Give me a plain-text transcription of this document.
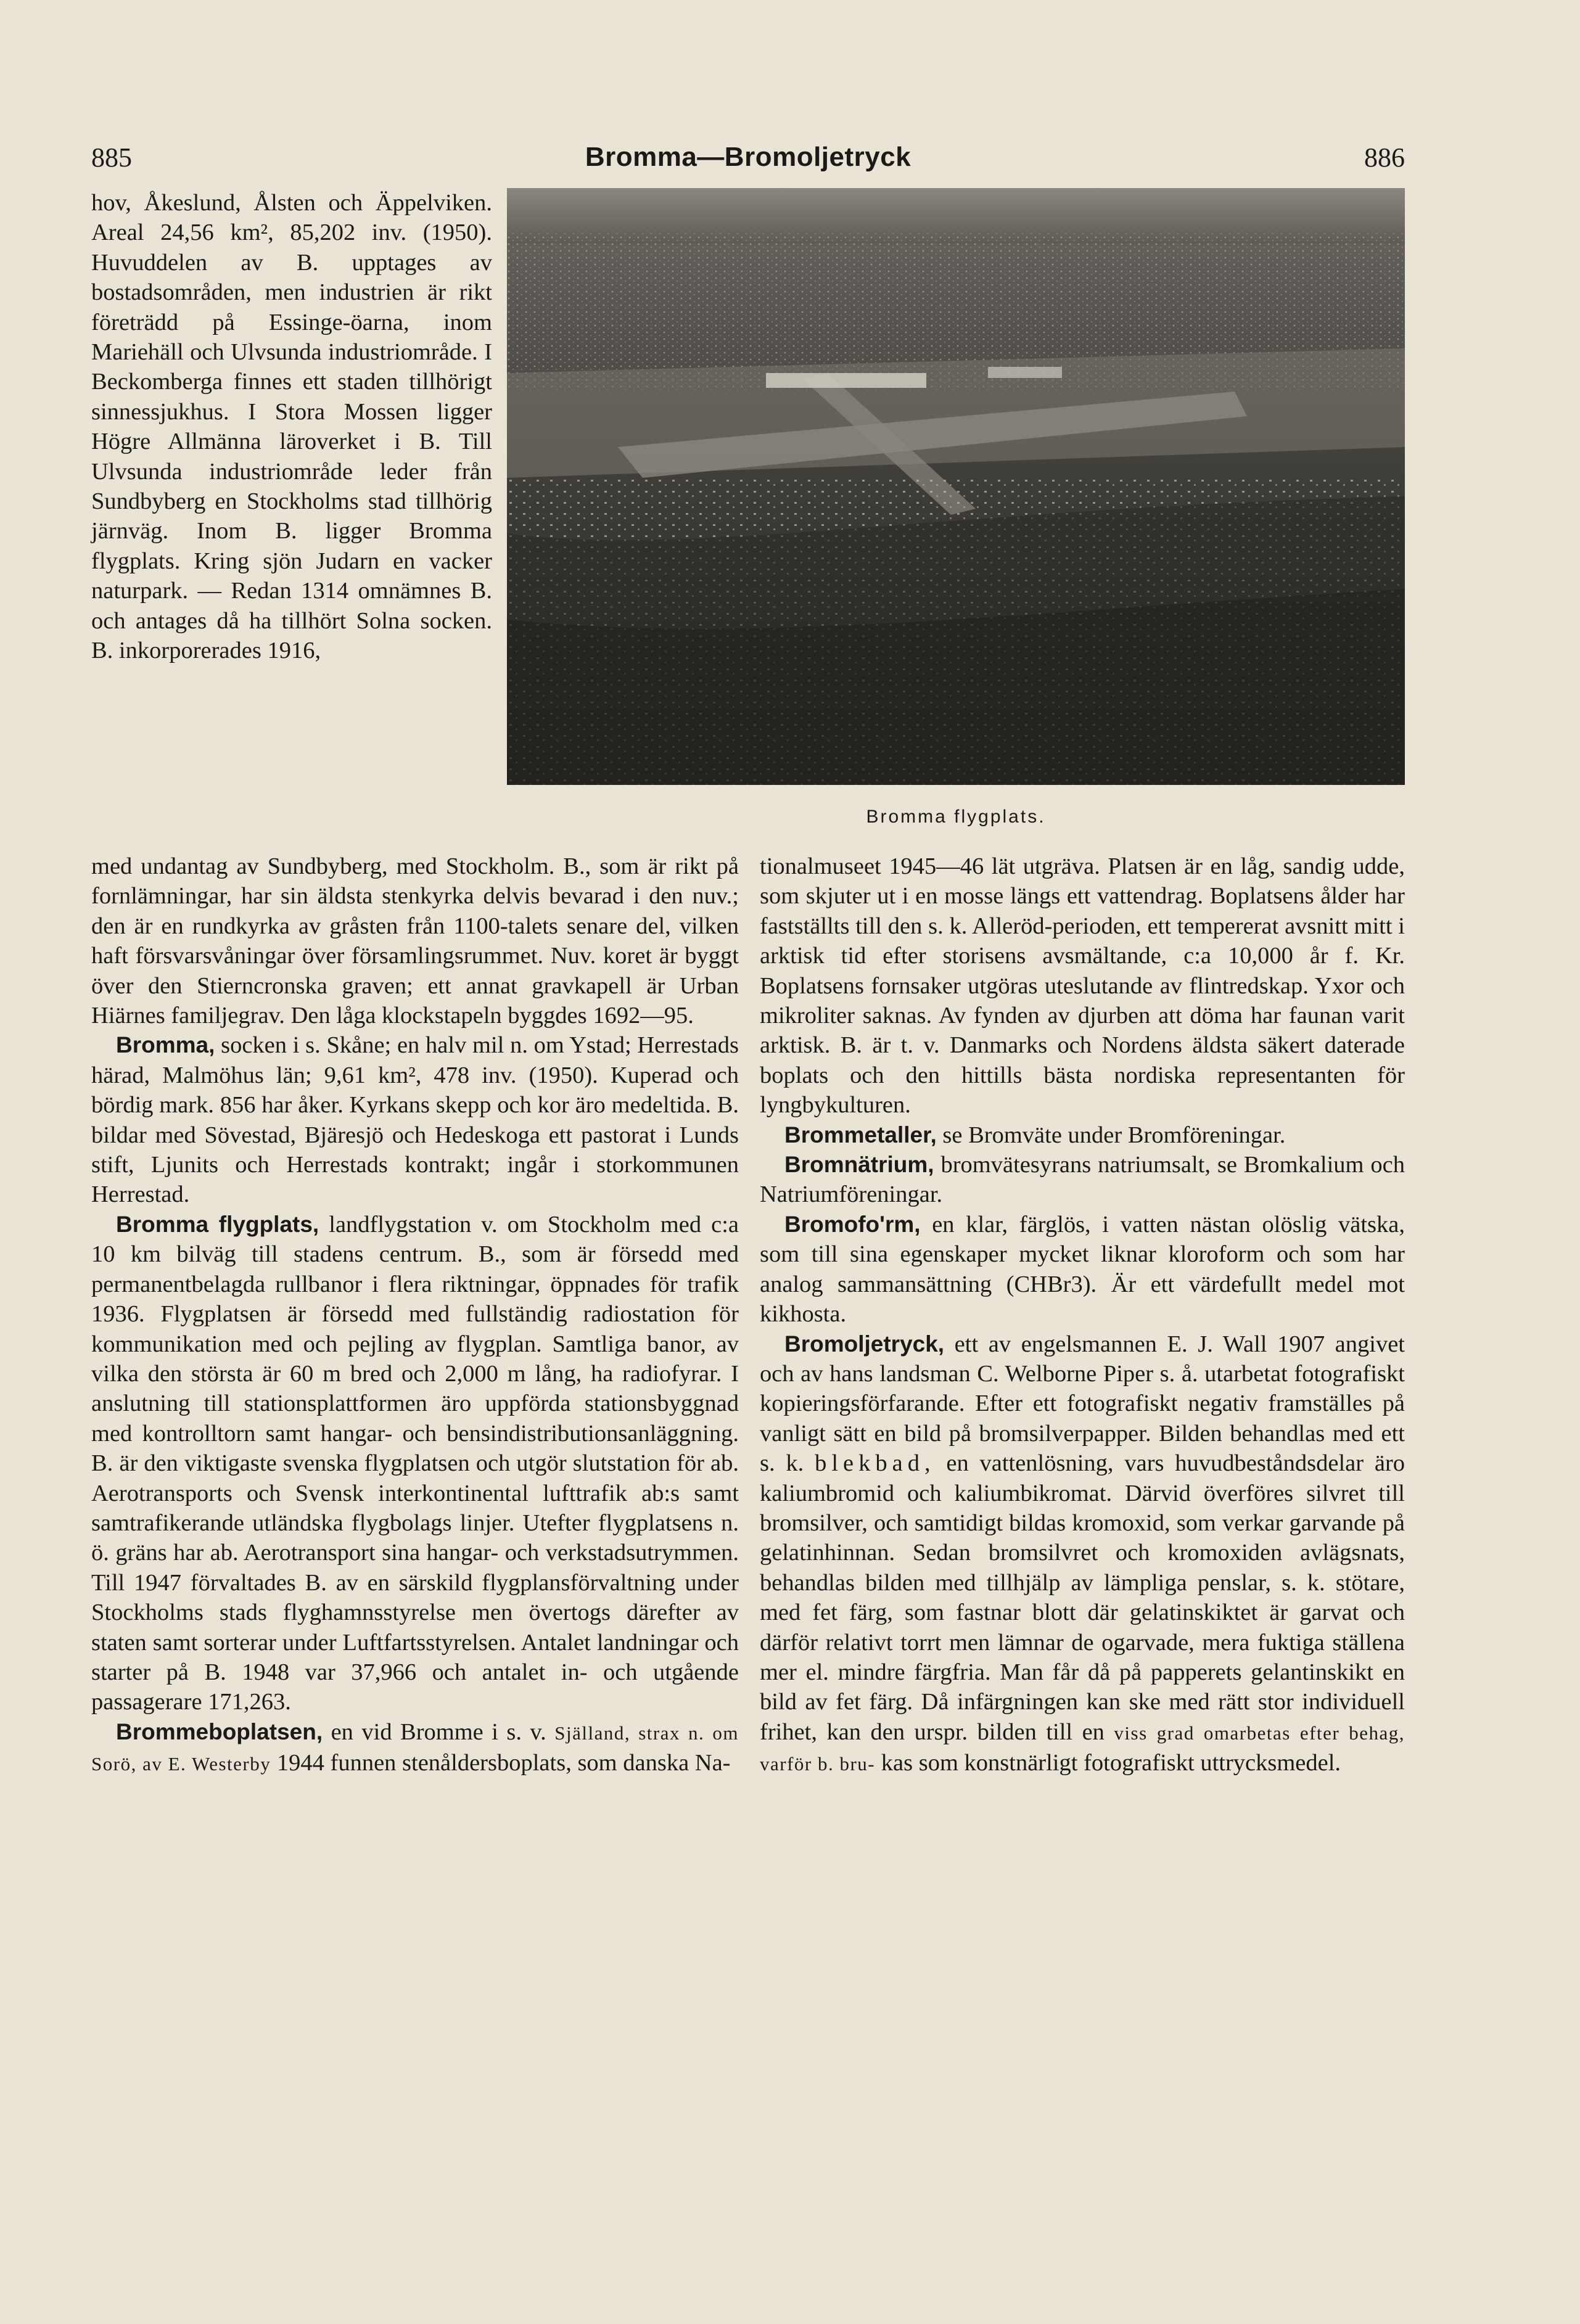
885	Bromma—Bromoljetryck	886

hov, Åkeslund, Ålsten och Äppelviken. Areal 24,56 km², 85,202 inv. (1950). Huvuddelen av B. upptages av bostadsområden, men industrien är rikt företrädd på Essinge-öarna, inom Mariehäll och Ulvsunda industriområde. I Beckomberga finnes ett staden tillhörigt sinnessjukhus. I Stora Mossen ligger Högre Allmänna läroverket i B. Till Ulvsunda industriområde leder från Sundbyberg en Stockholms stad tillhörig järnväg. Inom B. ligger Bromma flygplats. Kring sjön Judarn en vacker naturpark. — Redan 1314 omnämnes B. och antages då ha tillhört Solna socken. B. inkorporerades 1916,

Bromma flygplats.

med undantag av Sundbyberg, med Stockholm. B., som är rikt på fornlämningar, har sin äldsta stenkyrka delvis bevarad i den nuv.; den är en rundkyrka av gråsten från 1100-talets senare del, vilken haft försvarsvåningar över församlingsrummet. Nuv. koret är byggt över den Stierncronska graven; ett annat gravkapell är Urban Hiärnes familjegrav. Den låga klockstapeln byggdes 1692—95.

Bromma, socken i s. Skåne; en halv mil n. om Ystad; Herrestads härad, Malmöhus län; 9,61 km², 478 inv. (1950). Kuperad och bördig mark. 856 har åker. Kyrkans skepp och kor äro medeltida. B. bildar med Sövestad, Bjäresjö och Hedeskoga ett pastorat i Lunds stift, Ljunits och Herrestads kontrakt; ingår i storkommunen Herrestad.

Bromma flygplats, landflygstation v. om Stockholm med c:a 10 km bilväg till stadens centrum. B., som är försedd med permanentbelagda rullbanor i flera riktningar, öppnades för trafik 1936. Flygplatsen är försedd med fullständig radiostation för kommunikation med och pejling av flygplan. Samtliga banor, av vilka den största är 60 m bred och 2,000 m lång, ha radiofyrar. I anslutning till stationsplattformen äro uppförda stationsbyggnad med kontrolltorn samt hangar- och bensindistributionsanläggning. B. är den viktigaste svenska flygplatsen och utgör slutstation för ab. Aerotransports och Svensk interkontinental lufttrafik ab:s samt samtrafikerande utländska flygbolags linjer. Utefter flygplatsens n. ö. gräns har ab. Aerotransport sina hangar- och verkstadsutrymmen. Till 1947 förvaltades B. av en särskild flygplansförvaltning under Stockholms stads flyghamnsstyrelse men övertogs därefter av staten samt sorterar under Luftfartsstyrelsen. Antalet landningar och starter på B. 1948 var 37,966 och antalet in- och utgående passagerare 171,263.

Brommeboplatsen, en vid Bromme i s. v. Själland, strax n. om Sorö, av E. Westerby 1944 funnen stenåldersboplats, som danska Na-

tionalmuseet 1945—46 lät utgräva. Platsen är en låg, sandig udde, som skjuter ut i en mosse längs ett vattendrag. Boplatsens ålder har fastställts till den s. k. Alleröd-perioden, ett tempererat avsnitt mitt i arktisk tid efter storisens avsmältande, c:a 10,000 år f. Kr. Boplatsens fornsaker utgöras uteslutande av flintredskap. Yxor och mikroliter saknas. Av fynden av djurben att döma har faunan varit arktisk. B. är t. v. Danmarks och Nordens äldsta säkert daterade boplats och den hittills bästa nordiska representanten för lyngbykulturen.

Brommetaller, se Bromväte under Bromföreningar.

Bromnätrium, bromvätesyrans natriumsalt, se Bromkalium och Natriumföreningar.

Bromofo'rm, en klar, färglös, i vatten nästan olöslig vätska, som till sina egenskaper mycket liknar kloroform och som har analog sammansättning (CHBr3). Är ett värdefullt medel mot kikhosta.

Bromoljetryck, ett av engelsmannen E. J. Wall 1907 angivet och av hans landsman C. Welborne Piper s. å. utarbetat fotografiskt kopieringsförfarande. Efter ett fotografiskt negativ framställes på vanligt sätt en bild på bromsilverpapper. Bilden behandlas med ett s. k. blekbad, en vattenlösning, vars huvudbeståndsdelar äro kaliumbromid och kaliumbikromat. Därvid överföres silvret till bromsilver, och samtidigt bildas kromoxid, som verkar garvande på gelatinhinnan. Sedan bromsilvret och kromoxiden avlägsnats, behandlas bilden med tillhjälp av lämpliga penslar, s. k. stötare, med fet färg, som fastnar blott där gelatinskiktet är garvat och därför relativt torrt men lämnar de ogarvade, mera fuktiga ställena mer el. mindre färgfria. Man får då på papperets gelantinskikt en bild av fet färg. Då infärgningen kan ske med rätt stor individuell frihet, kan den urspr. bilden till en viss grad omarbetas efter behag, varför b. bru- kas som konstnärligt fotografiskt uttrycksmedel.
